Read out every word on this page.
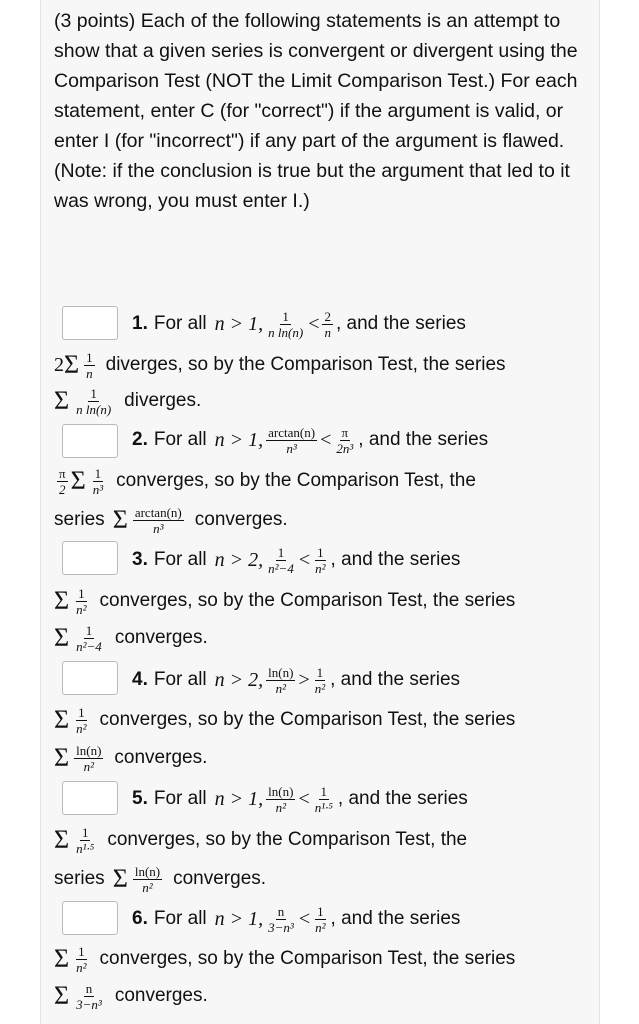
(3 points) Each of the following statements is an attempt to show that a given series is convergent or divergent using the Comparison Test (NOT the Limit Comparison Test.) For each statement, enter C (for "correct") if the argument is valid, or enter I (for "incorrect") if any part of the argument is flawed. (Note: if the conclusion is true but the argument that led to it was wrong, you must enter I.)

1. For all n > 1, $\frac{1}{\text{n ln(n)}} < \frac{2}{n}$ , and the series
2 Σ $\frac{1}{n}$ diverges , so by the Comparison Test, the series
Σ $\frac{1}{\text{n ln(n)}}$ diverges.
2. For all n > 1, $\frac{\arctan(n)}{\text{n³}} < \frac{\pi}{\text{2n³}}$ , and the series
$\frac{\pi}{2}$ Σ $\frac{1}{\text{n³}}$ converges , so by the Comparison Test, the
series Σ $\frac{\arctan(n)}{\text{n³}}$ converges.
3. For all n > 2, $\frac{1}{\text{n²−4}} < \frac{1}{\text{n²}}$ , and the series
Σ $\frac{1}{\text{n²}}$ converges , so by the Comparison Test, the series
Σ $\frac{1}{\text{n²−4}}$ converges.
4. For all n > 2, $\frac{\ln(n)}{\text{n²}} > \frac{1}{\text{n²}}$ , and the series
Σ $\frac{1}{\text{n²}}$ converges , so by the Comparison Test, the series
Σ $\frac{\ln(n)}{\text{n²}}$ converges.
5. For all n > 1, $\frac{\ln(n)}{\text{n²}} < \frac{1}{\text{n¹·⁵}}$ , and the series
Σ $\frac{1}{\text{n¹·⁵}}$ converges , so by the Comparison Test, the
series Σ $\frac{\ln(n)}{\text{n²}}$ converges.
6. For all n > 1, $\frac{n}{\text{3−n³}} < \frac{1}{\text{n²}}$ , and the series
Σ $\frac{1}{\text{n²}}$ converges , so by the Comparison Test, the series
Σ $\frac{n}{\text{3−n³}}$ converges.
